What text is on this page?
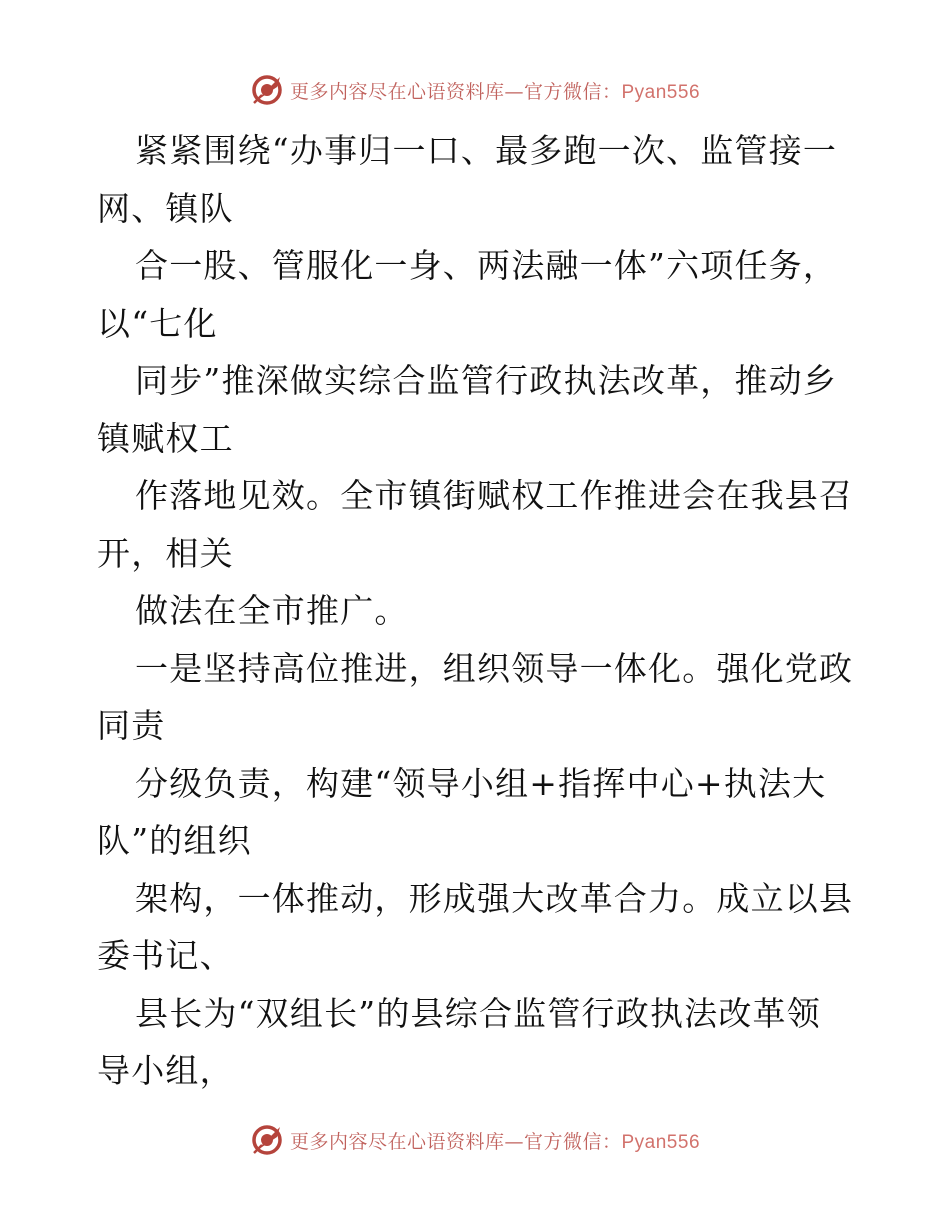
更多内容尽在心语资料库—官方微信：Pyan556
紧紧围绕“办事归一口、最多跑一次、监管接一
网、镇队
合一股、管服化一身、两法融一体”六项任务，
以“七化
同步”推深做实综合监管行政执法改革，推动乡
镇赋权工
作落地见效。全市镇街赋权工作推进会在我县召
开，相关
做法在全市推广。
一是坚持高位推进，组织领导一体化。强化党政
同责
分级负责，构建“领导小组+指挥中心+执法大
队”的组织
架构，一体推动，形成强大改革合力。成立以县
委书记、
县长为“双组长”的县综合监管行政执法改革领
导小组，
更多内容尽在心语资料库—官方微信：Pyan556
